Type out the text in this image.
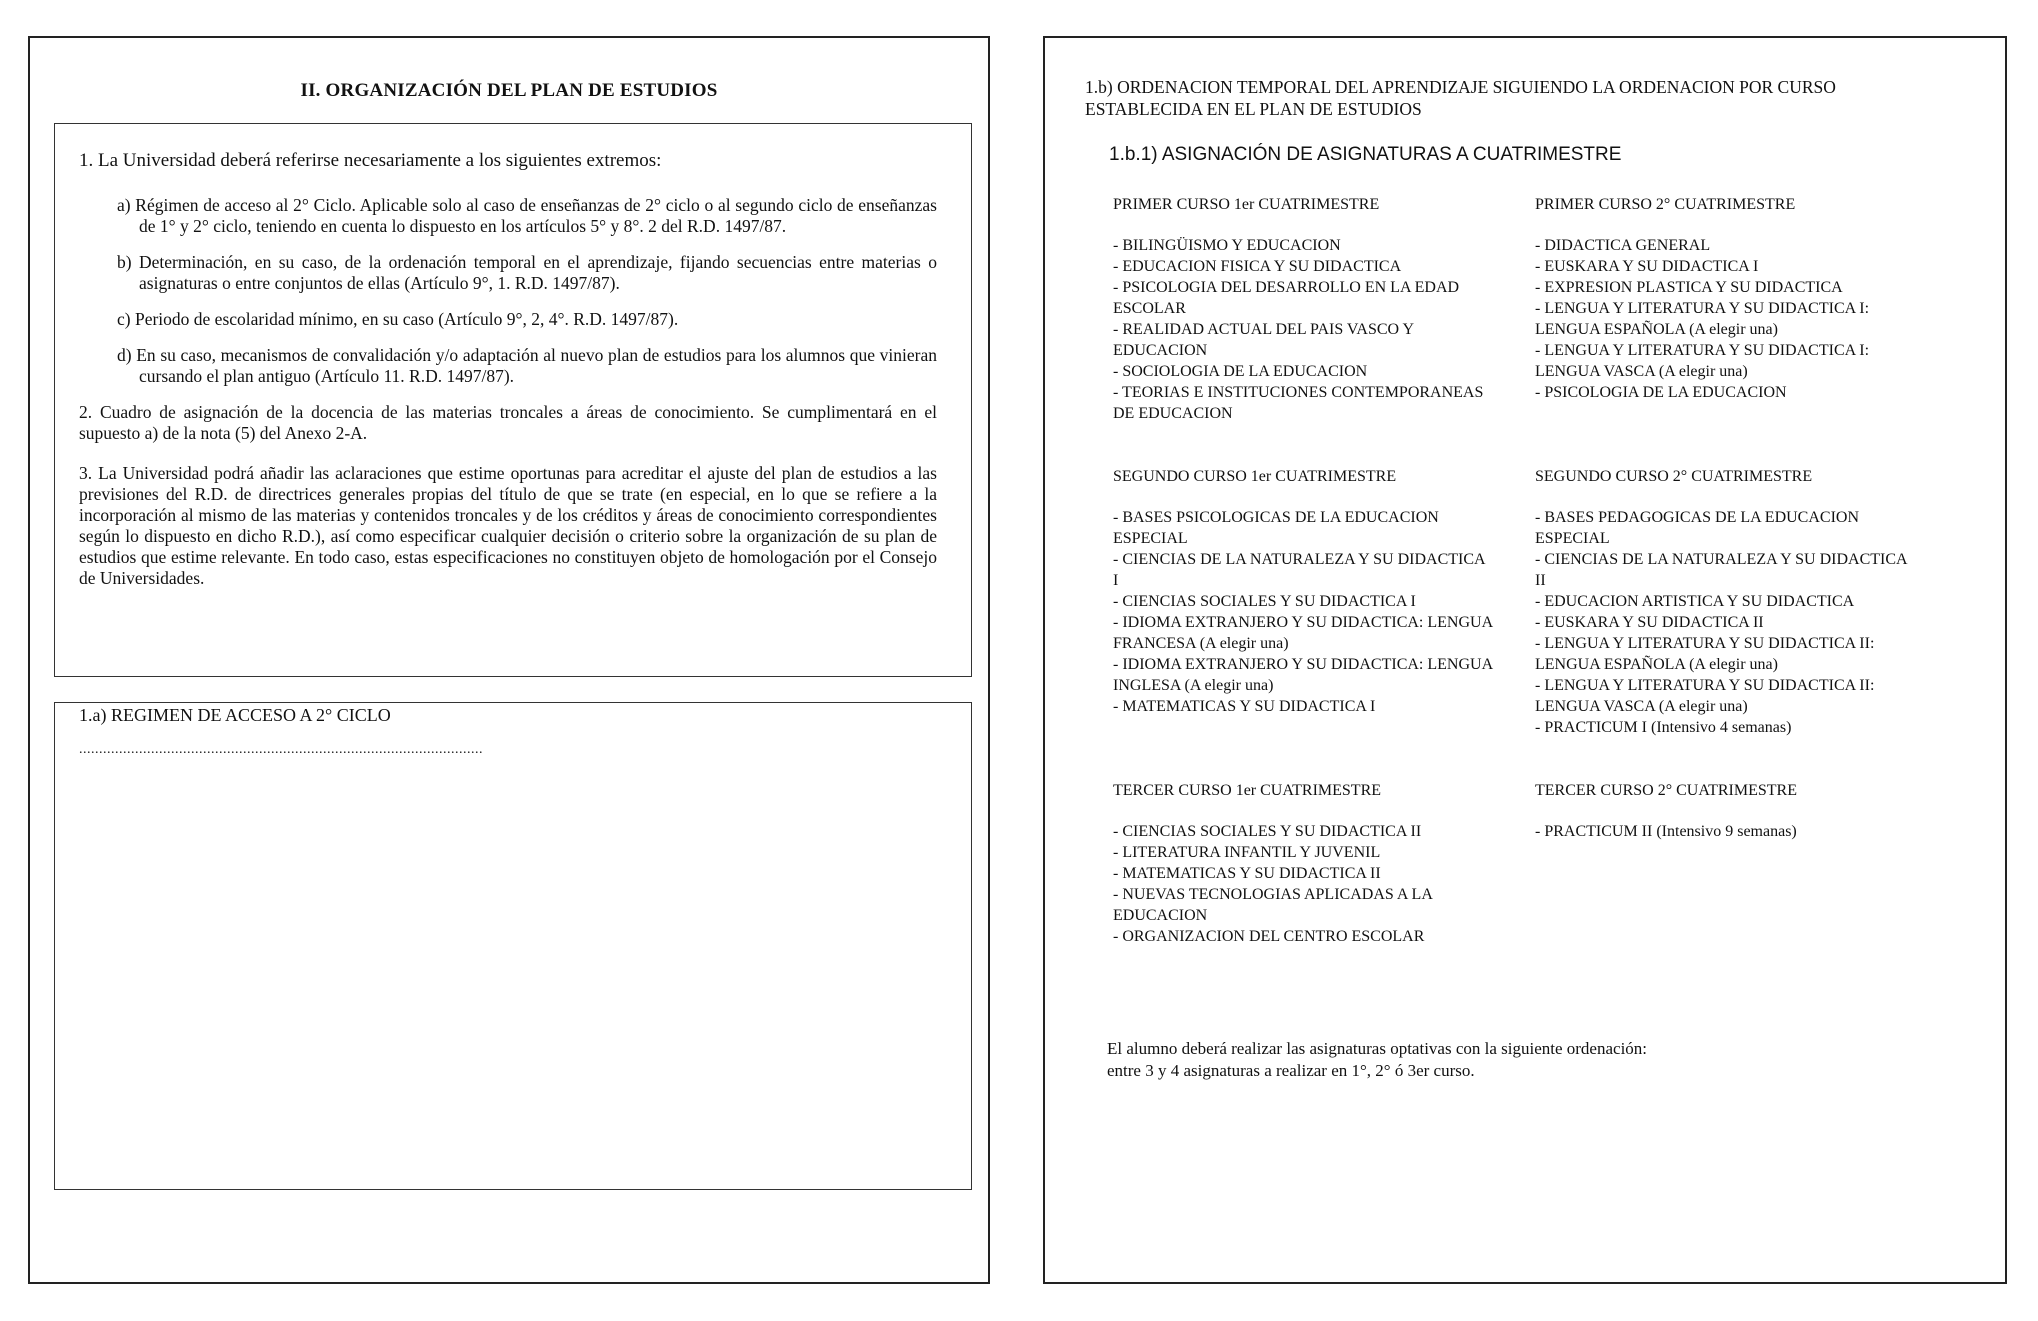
II. ORGANIZACIÓN DEL PLAN DE ESTUDIOS

1. La Universidad deberá referirse necesariamente a los siguientes extremos:

a) Régimen de acceso al 2° Ciclo. Aplicable solo al caso de enseñanzas de 2° ciclo o al segundo ciclo de enseñanzas de 1° y 2° ciclo, teniendo en cuenta lo dispuesto en los artículos 5° y 8°. 2 del R.D. 1497/87.

b) Determinación, en su caso, de la ordenación temporal en el aprendizaje, fijando secuencias entre materias o asignaturas o entre conjuntos de ellas (Artículo 9°, 1. R.D. 1497/87).

c) Periodo de escolaridad mínimo, en su caso (Artículo 9°, 2, 4°. R.D. 1497/87).

d) En su caso, mecanismos de convalidación y/o adaptación al nuevo plan de estudios para los alumnos que vinieran cursando el plan antiguo (Artículo 11. R.D. 1497/87).

2. Cuadro de asignación de la docencia de las materias troncales a áreas de conocimiento. Se cumplimentará en el supuesto a) de la nota (5) del Anexo 2-A.

3. La Universidad podrá añadir las aclaraciones que estime oportunas para acreditar el ajuste del plan de estudios a las previsiones del R.D. de directrices generales propias del título de que se trate (en especial, en lo que se refiere a la incorporación al mismo de las materias y contenidos troncales y de los créditos y áreas de conocimiento correspondientes según lo dispuesto en dicho R.D.), así como especificar cualquier decisión o criterio sobre la organización de su plan de estudios que estime relevante. En todo caso, estas especificaciones no constituyen objeto de homologación por el Consejo de Universidades.

1.a) REGIMEN DE ACCESO A 2° CICLO
.....................................................................................................
1.b) ORDENACION TEMPORAL DEL APRENDIZAJE SIGUIENDO LA ORDENACION POR CURSO ESTABLECIDA EN EL PLAN DE ESTUDIOS
1.b.1) ASIGNACIÓN DE ASIGNATURAS A CUATRIMESTRE
PRIMER CURSO 1er CUATRIMESTRE
- BILINGÜISMO Y EDUCACION
- EDUCACION FISICA Y SU DIDACTICA
- PSICOLOGIA DEL DESARROLLO EN LA EDAD ESCOLAR
- REALIDAD ACTUAL DEL PAIS VASCO Y EDUCACION
- SOCIOLOGIA DE LA EDUCACION
- TEORIAS E INSTITUCIONES CONTEMPORANEAS DE EDUCACION
PRIMER CURSO 2° CUATRIMESTRE
- DIDACTICA GENERAL
- EUSKARA Y SU DIDACTICA I
- EXPRESION PLASTICA Y SU DIDACTICA
- LENGUA Y LITERATURA Y SU DIDACTICA I: LENGUA ESPAÑOLA (A elegir una)
- LENGUA Y LITERATURA Y SU DIDACTICA I: LENGUA VASCA (A elegir una)
- PSICOLOGIA DE LA EDUCACION
SEGUNDO CURSO 1er CUATRIMESTRE
- BASES PSICOLOGICAS DE LA EDUCACION ESPECIAL
- CIENCIAS DE LA NATURALEZA Y SU DIDACTICA I
- CIENCIAS SOCIALES Y SU DIDACTICA I
- IDIOMA EXTRANJERO Y SU DIDACTICA: LENGUA FRANCESA (A elegir una)
- IDIOMA EXTRANJERO Y SU DIDACTICA: LENGUA INGLESA (A elegir una)
- MATEMATICAS Y SU DIDACTICA I
SEGUNDO CURSO 2° CUATRIMESTRE
- BASES PEDAGOGICAS DE LA EDUCACION ESPECIAL
- CIENCIAS DE LA NATURALEZA Y SU DIDACTICA II
- EDUCACION ARTISTICA Y SU DIDACTICA
- EUSKARA Y SU DIDACTICA II
- LENGUA Y LITERATURA Y SU DIDACTICA II: LENGUA ESPAÑOLA (A elegir una)
- LENGUA Y LITERATURA Y SU DIDACTICA II: LENGUA VASCA (A elegir una)
- PRACTICUM I (Intensivo 4 semanas)
TERCER CURSO 1er CUATRIMESTRE
- CIENCIAS SOCIALES Y SU DIDACTICA II
- LITERATURA INFANTIL Y JUVENIL
- MATEMATICAS Y SU DIDACTICA II
- NUEVAS TECNOLOGIAS APLICADAS A LA EDUCACION
- ORGANIZACION DEL CENTRO ESCOLAR
TERCER CURSO 2° CUATRIMESTRE
- PRACTICUM II (Intensivo 9 semanas)
El alumno deberá realizar las asignaturas optativas con la siguiente ordenación:
entre 3 y 4 asignaturas a realizar en 1°, 2° ó 3er curso.
